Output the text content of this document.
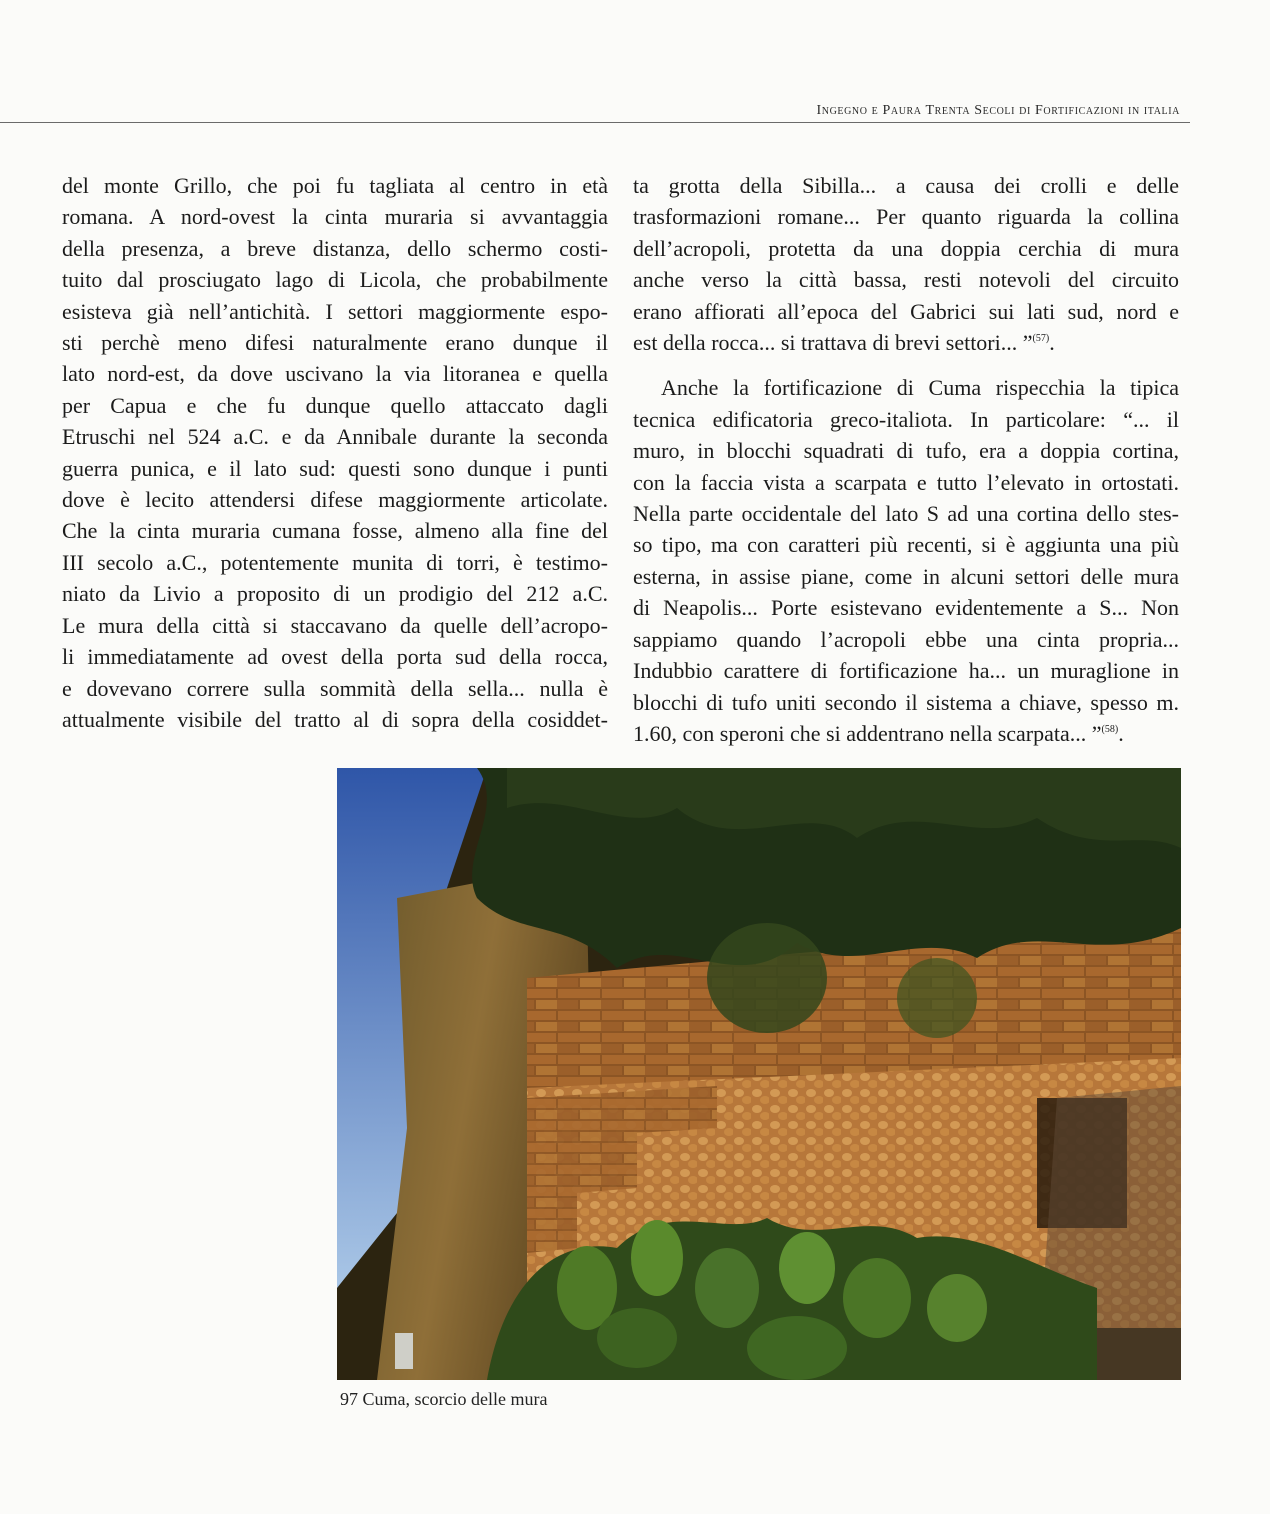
Ingegno e Paura Trenta Secoli di Fortificazioni in italia
del monte Grillo, che poi fu tagliata al centro in età
romana. A nord-ovest la cinta muraria si avvantaggia
della presenza, a breve distanza, dello schermo costi-
tuito dal prosciugato lago di Licola, che probabilmente
esisteva già nell’antichità. I settori maggiormente espo-
sti perchè meno difesi naturalmente erano dunque il
lato nord-est, da dove uscivano la via litoranea e quella
per Capua e che fu dunque quello attaccato dagli
Etruschi nel 524 a.C. e da Annibale durante la seconda
guerra punica, e il lato sud: questi sono dunque i punti
dove è lecito attendersi difese maggiormente articolate.
Che la cinta muraria cumana fosse, almeno alla fine del
III secolo a.C., potentemente munita di torri, è testimo-
niato da Livio a proposito di un prodigio del 212 a.C.
Le mura della città si staccavano da quelle dell’acropo-
li immediatamente ad ovest della porta sud della rocca,
e dovevano correre sulla sommità della sella... nulla è
attualmente visibile del tratto al di sopra della cosiddet-
ta grotta della Sibilla... a causa dei crolli e delle
trasformazioni romane... Per quanto riguarda la collina
dell’acropoli, protetta da una doppia cerchia di mura
anche verso la città bassa, resti notevoli del circuito
erano affiorati all’epoca del Gabrici sui lati sud, nord e
est della rocca... si trattava di brevi settori... ”$^{(57)}$.
Anche la fortificazione di Cuma rispecchia la tipica
tecnica edificatoria greco-italiota. In particolare: “... il
muro, in blocchi squadrati di tufo, era a doppia cortina,
con la faccia vista a scarpata e tutto l’elevato in ortostati.
Nella parte occidentale del lato S ad una cortina dello stes-
so tipo, ma con caratteri più recenti, si è aggiunta una più
esterna, in assise piane, come in alcuni settori delle mura
di Neapolis... Porte esistevano evidentemente a S... Non
sappiamo quando l’acropoli ebbe una cinta propria...
Indubbio carattere di fortificazione ha... un muraglione in
blocchi di tufo uniti secondo il sistema a chiave, spesso m.
1.60, con speroni che si addentrano nella scarpata... ”$^{(58)}$.
97 Cuma, scorcio delle mura
